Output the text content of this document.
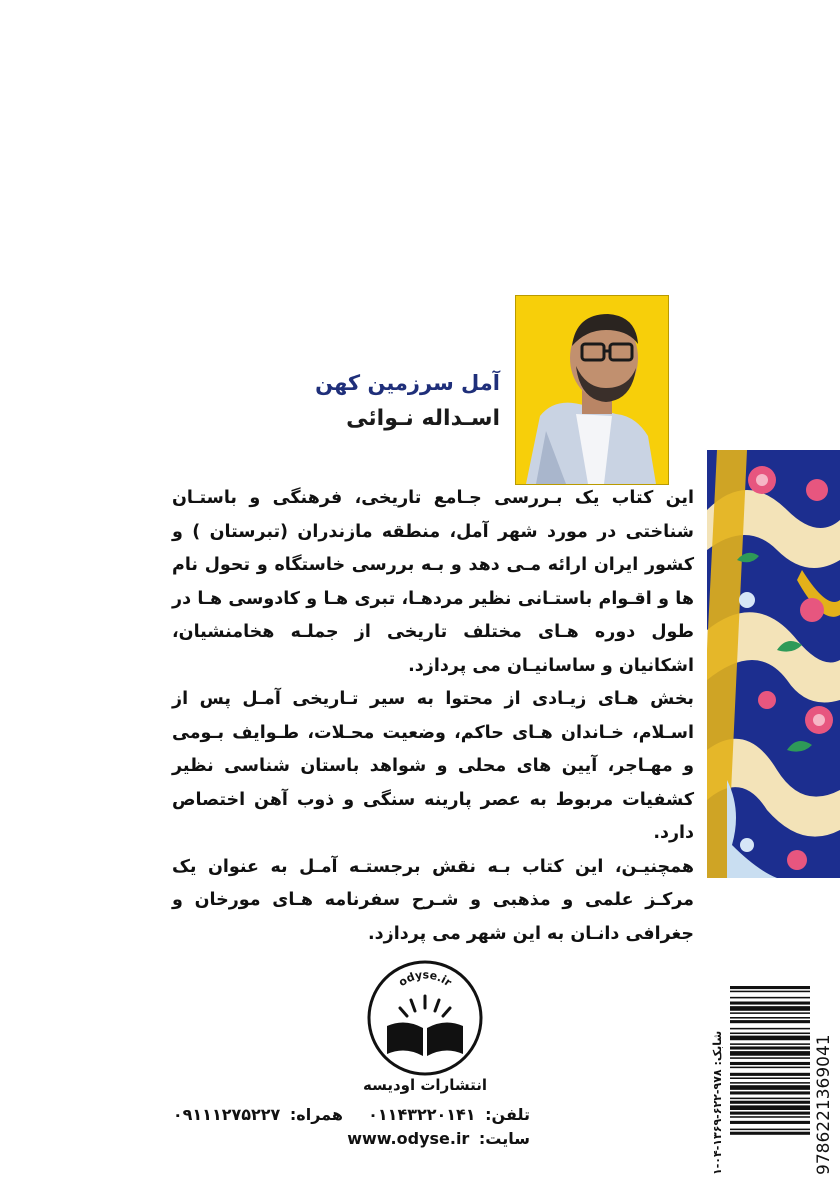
آمل سرزمین کهن

اسـداله نـوائی

این کتاب یک بـررسی جـامع تاریخی، فرهنگی و باستـان شناختی در مورد شهر آمل، منطقه مازندران (تبرستان ) و کشور ایران ارائه مـی دهد و بـه بررسی خاستگاه و تحول نام ها و اقـوام باستـانی نظیر مردهـا، تبری هـا و کادوسی هـا در طول دوره هـای مختلف تاریخی از جملـه هخامنشیان، اشکانیان و ساسانیـان می پردازد.

بخش هـای زیـادی از محتوا به سیر تـاریخی آمـل پس از اسـلام، خـاندان هـای حاکم، وضعیت محـلات، طـوایف بـومی و مهـاجر، آیین های محلی و شواهد باستان شناسی نظیر کشفیات مربوط به عصر پارینه سنگی و ذوب آهن اختصاص دارد.

همچنیـن، این کتاب بـه نقش برجستـه آمـل به عنوان یک مرکـز علمی و مذهبی و شـرح سفرنامه هـای مورخان و جغرافی دانـان به این شهر می پردازد.

odyse.ir
انتشارات اودیسه
تلفن: ۰۱۱۴۳۲۲۰۱۴۱  همراه: ۰۹۱۱۱۲۷۵۲۲۷
سایت: www.odyse.ir	9786221369041
شابک: ۹۷۸-۶۲۲-۱۳۶۹-۰۴-۱
